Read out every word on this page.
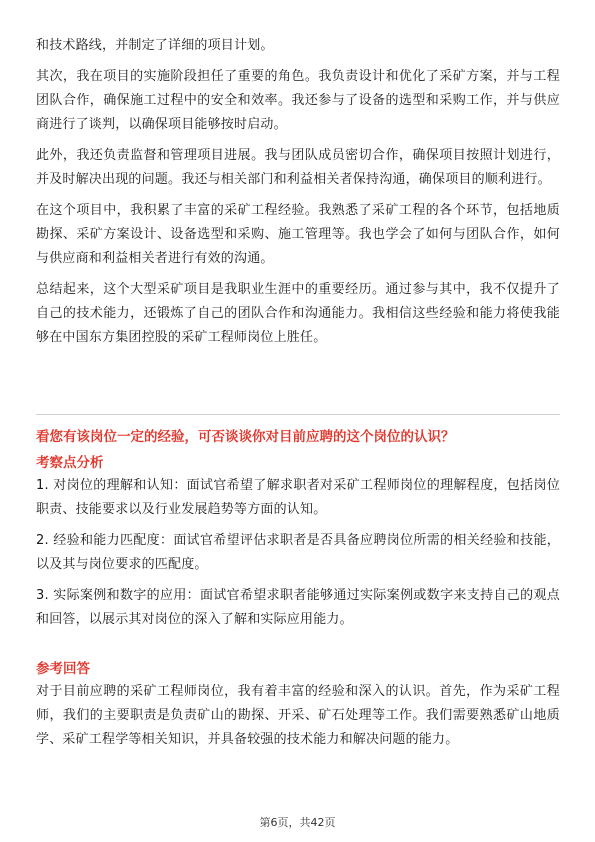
和技术路线，并制定了详细的项目计划。

其次，我在项目的实施阶段担任了重要的角色。我负责设计和优化了采矿方案，并与工程团队合作，确保施工过程中的安全和效率。我还参与了设备的选型和采购工作，并与供应商进行了谈判，以确保项目能够按时启动。

此外，我还负责监督和管理项目进展。我与团队成员密切合作，确保项目按照计划进行，并及时解决出现的问题。我还与相关部门和利益相关者保持沟通，确保项目的顺利进行。

在这个项目中，我积累了丰富的采矿工程经验。我熟悉了采矿工程的各个环节，包括地质勘探、采矿方案设计、设备选型和采购、施工管理等。我也学会了如何与团队合作，如何与供应商和利益相关者进行有效的沟通。

总结起来，这个大型采矿项目是我职业生涯中的重要经历。通过参与其中，我不仅提升了自己的技术能力，还锻炼了自己的团队合作和沟通能力。我相信这些经验和能力将使我能够在中国东方集团控股的采矿工程师岗位上胜任。

看您有该岗位一定的经验，可否谈谈你对目前应聘的这个岗位的认识？

考察点分析

1. 对岗位的理解和认知：面试官希望了解求职者对采矿工程师岗位的理解程度，包括岗位职责、技能要求以及行业发展趋势等方面的认知。

2. 经验和能力匹配度：面试官希望评估求职者是否具备应聘岗位所需的相关经验和技能，以及其与岗位要求的匹配度。

3. 实际案例和数字的应用：面试官希望求职者能够通过实际案例或数字来支持自己的观点和回答，以展示其对岗位的深入了解和实际应用能力。

参考回答

对于目前应聘的采矿工程师岗位，我有着丰富的经验和深入的认识。首先，作为采矿工程师，我们的主要职责是负责矿山的勘探、开采、矿石处理等工作。我们需要熟悉矿山地质学、采矿工程学等相关知识，并具备较强的技术能力和解决问题的能力。

第6页，共42页
